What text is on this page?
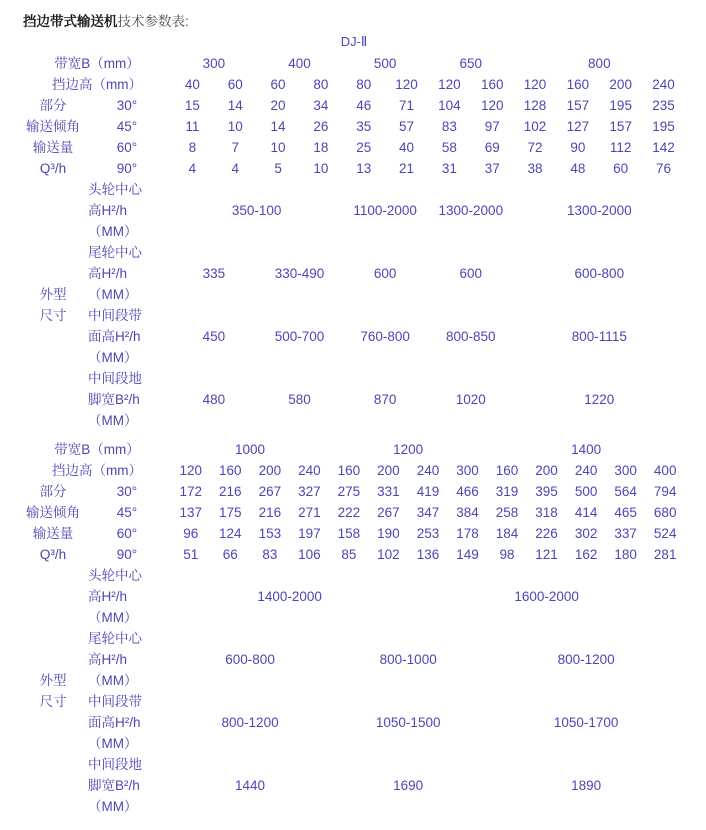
挡边带式输送机技术参数表:
DJ-Ⅱ
带宽B（mm）		300		400		500		650		800			
挡边高（mm）		40	60	60	80	80	120	120	160	120	160	200	240
部分	30°	15	14	20	34	46	71	104	120	128	157	195	235
输送倾角	45°	11	10	14	26	35	57	83	97	102	127	157	195
输送量	60°	8	7	10	18	25	40	58	69	72	90	112	142
Q³/h	90°	4	4	5	10	13	21	31	37	38	48	60	76
	头轮中心												
	高H²/h	350-100				1100-2000		1300-2000		1300-2000			
	（MM）												
	尾轮中心												
	高H²/h	335		330-490		600		600		600-800			
外型	（MM）												
尺寸	中间段带												
	面高H²/h	450		500-700		760-800		800-850		800-1115			
	（MM）												
	中间段地												
	脚宽B²/h	480		580		870		1020		1220			
	（MM）												
带宽B（mm）		1000				1200				1400				
挡边高（mm）		120	160	200	240	160	200	240	300	160	200	240	300	400
部分	30°	172	216	267	327	275	331	419	466	319	395	500	564	794
输送倾角	45°	137	175	216	271	222	267	347	384	258	318	414	465	680
输送量	60°	96	124	153	197	158	190	253	178	184	226	302	337	524
Q³/h	90°	51	66	83	106	85	102	136	149	98	121	162	180	281
	头轮中心													
	高H²/h	1400-2000						1600-2000						
	（MM）													
	尾轮中心													
	高H²/h	600-800				800-1000				800-1200				
外型	（MM）													
尺寸	中间段带													
	面高H²/h	800-1200				1050-1500				1050-1700				
	（MM）													
	中间段地													
	脚宽B²/h	1440				1690				1890				
	（MM）													
